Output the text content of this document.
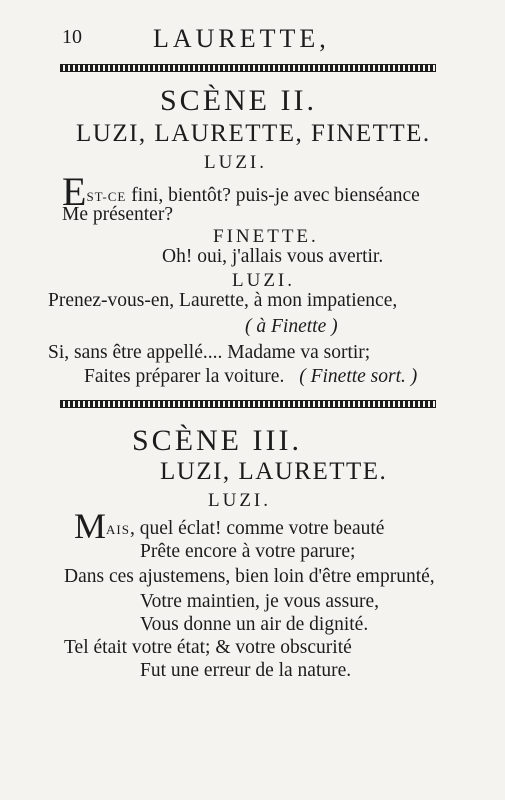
10	LAURETTE,
SCÈNE II.
LUZI, LAURETTE, FINETTE.
LUZI.
EST-CE fini, bientôt? puis-je avec bienséance
Me présenter?
FINETTE.
Oh! oui, j'allais vous avertir.
LUZI.
Prenez-vous-en, Laurette, à mon impatience,
( à Finette )
Si, sans être appellé.... Madame va sortir;
Faites préparer la voiture. ( Finette sort. )
SCÈNE III.
LUZI, LAURETTE.
LUZI.
MAIS, quel éclat! comme votre beauté
Prête encore à votre parure;
Dans ces ajustemens, bien loin d'être emprunté,
Votre maintien, je vous assure,
Vous donne un air de dignité.
Tel était votre état; & votre obscurité
Fut une erreur de la nature.
